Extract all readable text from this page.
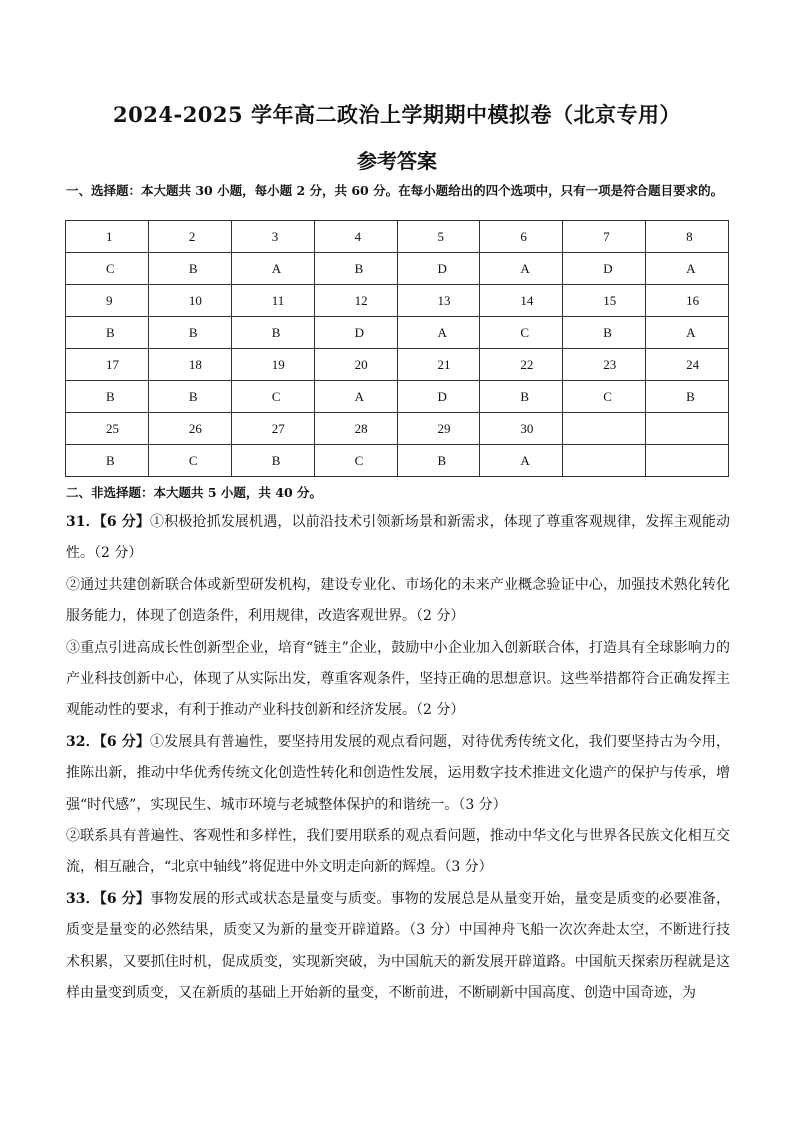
2024-2025 学年高二政治上学期期中模拟卷（北京专用）
参考答案
一、选择题：本大题共 30 小题，每小题 2 分，共 60 分。在每小题给出的四个选项中，只有一项是符合题目要求的。
1	2	3	4	5	6	7	8
C	B	A	B	D	A	D	A
9	10	11	12	13	14	15	16
B	B	B	D	A	C	B	A
17	18	19	20	21	22	23	24
B	B	C	A	D	B	C	B
25	26	27	28	29	30		
B	C	B	C	B	A		
二、非选择题：本大题共 5 小题，共 40 分。

31．【6 分】①积极抢抓发展机遇，以前沿技术引领新场景和新需求，体现了尊重客观规律，发挥主观能动性。（2 分）

②通过共建创新联合体或新型研发机构，建设专业化、市场化的未来产业概念验证中心，加强技术熟化转化服务能力，体现了创造条件，利用规律，改造客观世界。（2 分）

③重点引进高成长性创新型企业，培育“链主”企业，鼓励中小企业加入创新联合体，打造具有全球影响力的产业科技创新中心，体现了从实际出发，尊重客观条件，坚持正确的思想意识。这些举措都符合正确发挥主观能动性的要求，有利于推动产业科技创新和经济发展。（2 分）

32．【6 分】①发展具有普遍性，要坚持用发展的观点看问题，对待优秀传统文化，我们要坚持古为今用，推陈出新，推动中华优秀传统文化创造性转化和创造性发展，运用数字技术推进文化遗产的保护与传承，增强“时代感”，实现民生、城市环境与老城整体保护的和谐统一。（3 分）

②联系具有普遍性、客观性和多样性，我们要用联系的观点看问题，推动中华文化与世界各民族文化相互交流，相互融合，“北京中轴线”将促进中外文明走向新的辉煌。（3 分）

33．【6 分】事物发展的形式或状态是量变与质变。事物的发展总是从量变开始，量变是质变的必要准备，质变是量变的必然结果，质变又为新的量变开辟道路。（3 分）中国神舟飞船一次次奔赴太空，不断进行技术积累，又要抓住时机，促成质变，实现新突破，为中国航天的新发展开辟道路。中国航天探索历程就是这样由量变到质变，又在新质的基础上开始新的量变，不断前进，不断刷新中国高度、创造中国奇迹，为
